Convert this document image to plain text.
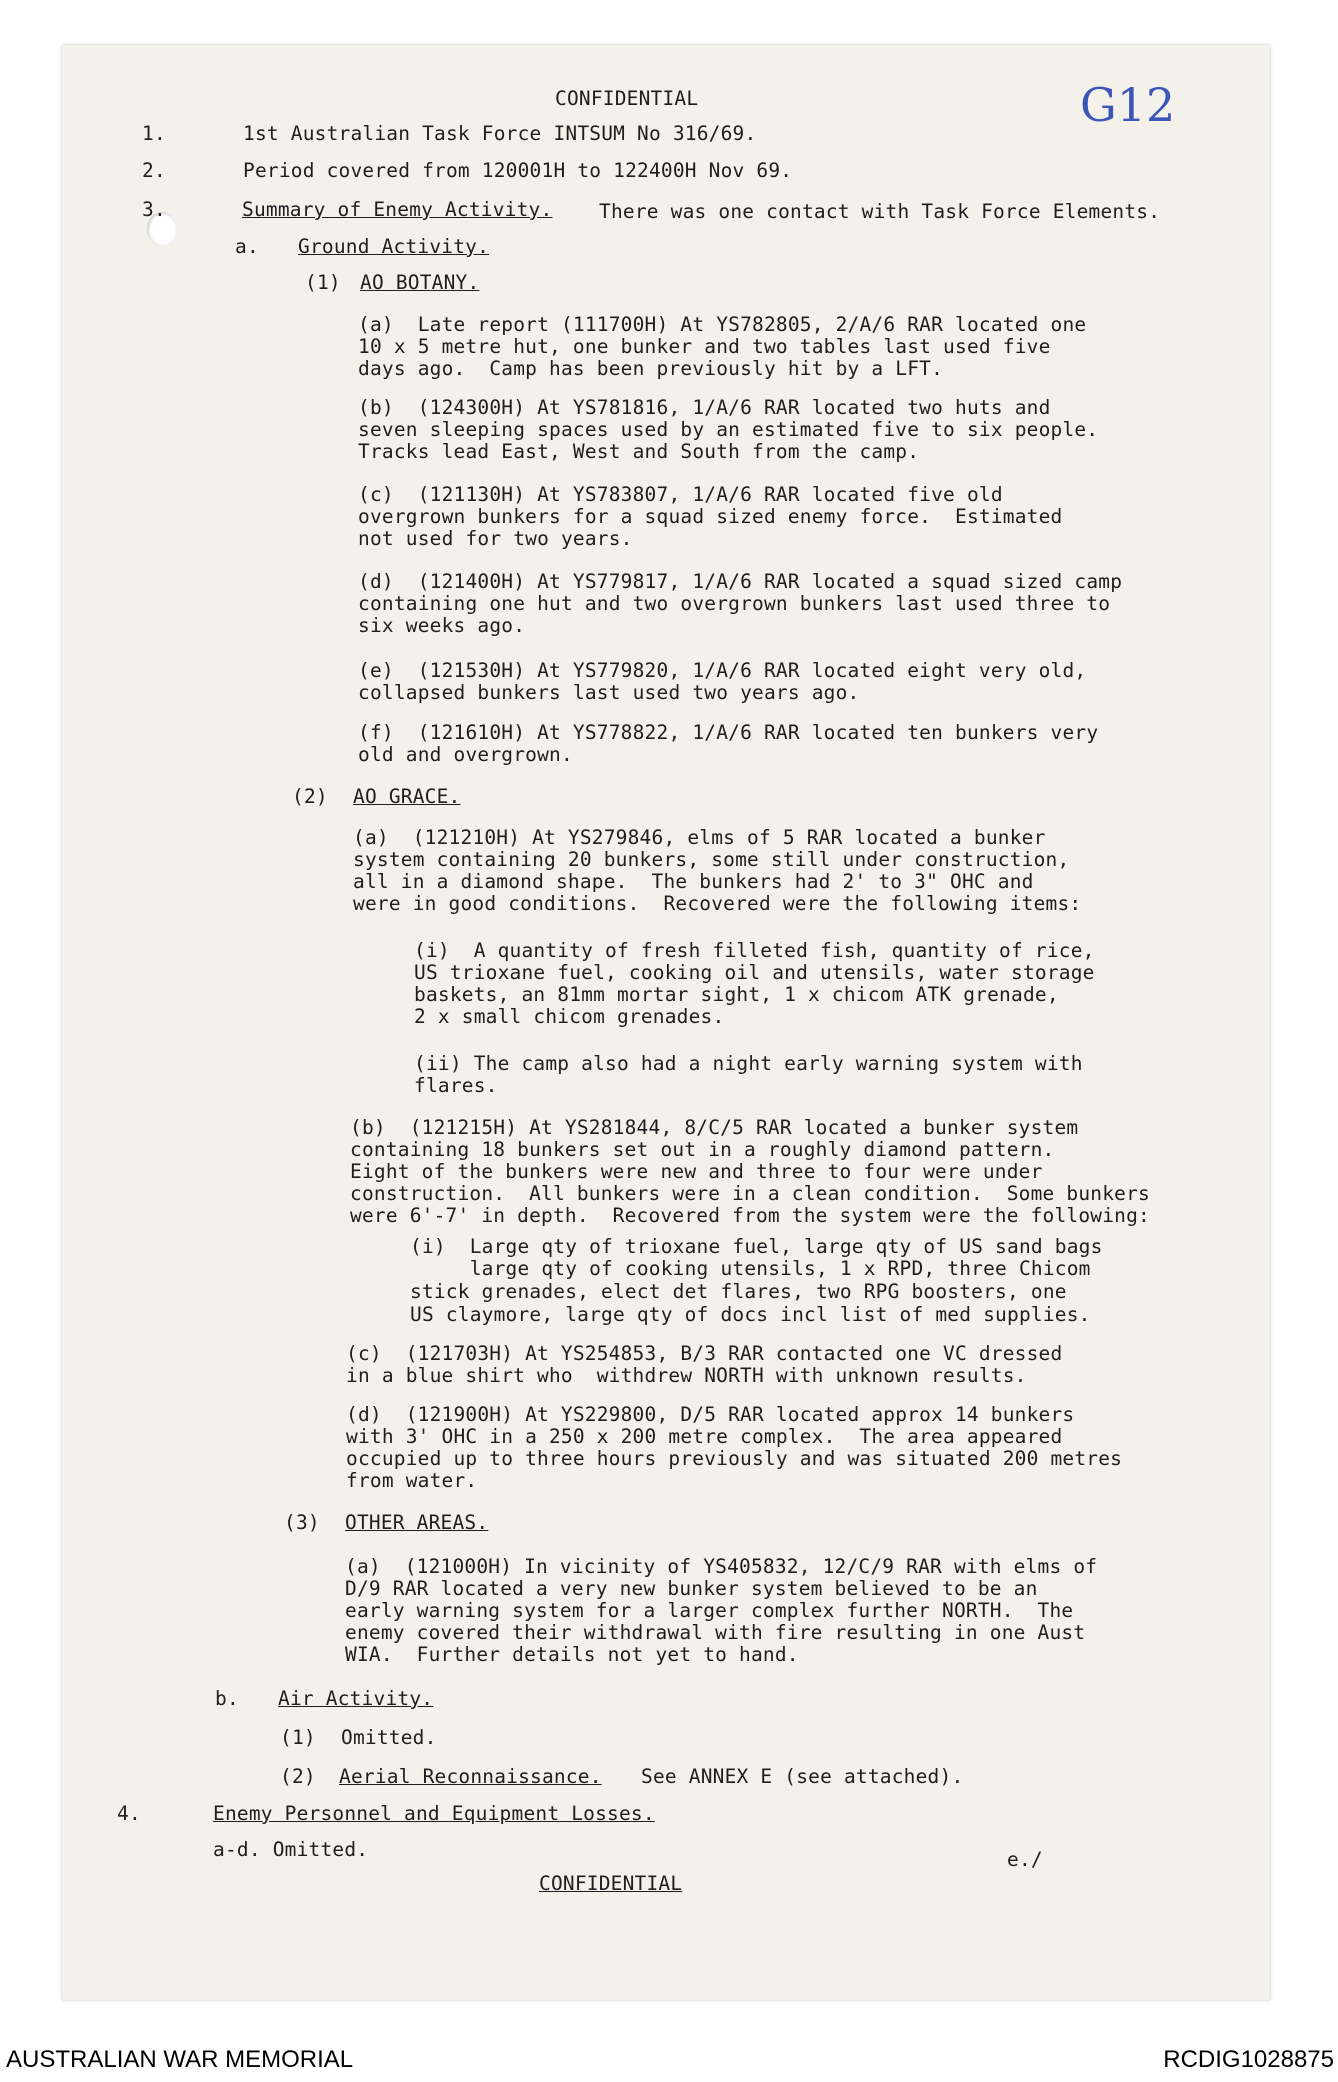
G12
CONFIDENTIAL
1.	1st Australian Task Force INTSUM No 316/69.
2.	Period covered from 120001H to 122400H Nov 69.
3.	Summary of Enemy Activity. There was one contact with Task Force Elements.
a. Ground Activity.
(1) AO BOTANY.
(a)  Late report (111700H) At YS782805, 2/A/6 RAR located one
10 x 5 metre hut, one bunker and two tables last used five
days ago.  Camp has been previously hit by a LFT.
(b)  (124300H) At YS781816, 1/A/6 RAR located two huts and
seven sleeping spaces used by an estimated five to six people.
Tracks lead East, West and South from the camp.
(c)  (121130H) At YS783807, 1/A/6 RAR located five old
overgrown bunkers for a squad sized enemy force.  Estimated
not used for two years.
(d)  (121400H) At YS779817, 1/A/6 RAR located a squad sized camp
containing one hut and two overgrown bunkers last used three to
six weeks ago.
(e)  (121530H) At YS779820, 1/A/6 RAR located eight very old,
collapsed bunkers last used two years ago.
(f)  (121610H) At YS778822, 1/A/6 RAR located ten bunkers very
old and overgrown.
(2) AO GRACE.
(a)  (121210H) At YS279846, elms of 5 RAR located a bunker
system containing 20 bunkers, some still under construction,
all in a diamond shape.  The bunkers had 2' to 3" OHC and
were in good conditions.  Recovered were the following items:
(i)  A quantity of fresh filleted fish, quantity of rice,
US trioxane fuel, cooking oil and utensils, water storage
baskets, an 81mm mortar sight, 1 x chicom ATK grenade,
2 x small chicom grenades.
(ii) The camp also had a night early warning system with
flares.
(b)  (121215H) At YS281844, 8/C/5 RAR located a bunker system
containing 18 bunkers set out in a roughly diamond pattern.
Eight of the bunkers were new and three to four were under
construction.  All bunkers were in a clean condition.  Some bunkers
were 6'-7' in depth.  Recovered from the system were the following:
(i)  Large qty of trioxane fuel, large qty of US sand bags
large qty of cooking utensils, 1 x RPD, three Chicom
stick grenades, elect det flares, two RPG boosters, one
US claymore, large qty of docs incl list of med supplies.
(c)  (121703H) At YS254853, B/3 RAR contacted one VC dressed
in a blue shirt who  withdrew NORTH with unknown results.
(d)  (121900H) At YS229800, D/5 RAR located approx 14 bunkers
with 3' OHC in a 250 x 200 metre complex.  The area appeared
occupied up to three hours previously and was situated 200 metres
from water.
(3) OTHER AREAS.
(a)  (121000H) In vicinity of YS405832, 12/C/9 RAR with elms of
D/9 RAR located a very new bunker system believed to be an
early warning system for a larger complex further NORTH.  The
enemy covered their withdrawal with fire resulting in one Aust
WIA.  Further details not yet to hand.
b. Air Activity.
(1) Omitted.
(2) Aerial Reconnaissance. See ANNEX E (see attached).
4.	Enemy Personnel and Equipment Losses.
a-d. Omitted.	e./
CONFIDENTIAL
AUSTRALIAN WAR MEMORIAL	RCDIG1028875
